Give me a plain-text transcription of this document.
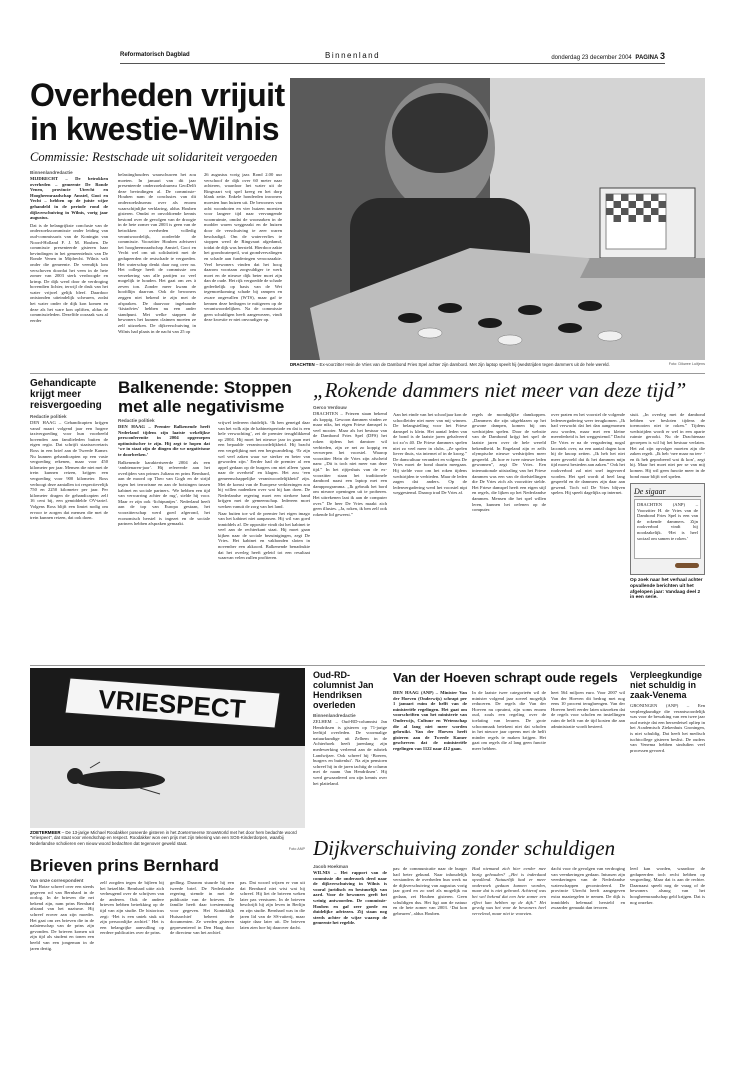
Reformatorisch Dagblad	Binnenland	donderdag 23 december 2004 PAGINA 3
Overheden vrijuit
in kwestie-Wilnis
Commissie: Restschade uit solidariteit vergoeden
Binnenlandredactie
MIJDRECHT – De betrokken overheden – gemeente De Ronde Venen, provincie Utrecht en Hoogheemraadschap Amstel, Gooi en Vecht – hebben op de juiste wijze gehandeld in de periode rond de dijkverschuiving in Wilnis, vorig jaar augustus.
Dat is de belangrijkste conclusie van de onderzoekscommissie onder leiding van oud-commissaris van de Koningin van Noord-Holland F. J. M. Houben. De commissie presenteerde gisteren haar bevindingen in het gemeentehuis van De Ronde Venen in Mijdrecht. Wilnis valt onder die gemeente. De veendijk lom verschoven doordat het veen in de hete zomer van 2003 sterk verdroogde en krimp. De dijk werd door de verdroging bovendien lichter, terwijl de druk van het water vrijwel gelijk bleef. Daardoor ontstonden uiteindelijk scheuren, zodat het water onder de dijk kon komen en deze als het ware kon opliften, aldus de commissieleden. Dezelfde oorzaak was al eerder
belastinghouders waarschuwen het zou moeten. In januari van dit jaar presenteerde onderzoeksbureau GeoDelft deze bevindingen al. De commissie-Houben nam de conclusies van dit onderzoeksbureau over als enorm waarschijnlijke verklaring, aldus Houben gisteren. Omdat er onvoldoende kennis bestond over de gevolgen van de droogte in de hete zomer van 2003 is geen van de betrokken overheden volledig verantwoordelijk, oordeelde de commissie. Voorzitter Houben adviseert het hoogheemraadschap Amstel, Gooi en Vecht wel om uit solidariteit met de gedupeerden de restschade te vergoeden. Het waterschap denkt daar nog over na. Het college heeft de commissie om verzekering van alle partijen zo veel mogelijk te houden. Het gaat om zes à zeven ton. Zonder meer kwam de hoofdlijn daarvan. Ook de bewoners zeggen niet bekend te zijn met de afspraken. De daarvoor ingehuurde ‘kistadvies’ hebben nu een ander standpunt. Met welke stappen de bewoners het kunnen claimen moeten ze zelf uitzoeken. De dijkverschuiving in Wilnis had plaats in de nacht van 25 op
26 augustus vorig jaar. Rond 2.00 uur verschoof de dijk over 60 meter naar achteren, waardoor het water uit de Ringvaart vrij spel kreeg en het dorp blank zette. Enkele honderden inwoners moesten hun huizen uit. De bewoners van acht woonboten en vier huizen moesten voor langere tijd naar vervangende woonruimte, omdat de woonarken in de modder waren weggezakt en de huizen door de verschuiving te zeer waren beschadigd. Om de waterverlies te stoppen werd de Ringvaart afgedamd, totdat de dijk was hersteld. Hierdoor zakte het grondwaterpeil, wat grondvervalingen en schade aan funderingen veroorzaakte. Veel bewoners vinden dat het hoog daarom voortaan zorgvuldiger te werk moet en de nieuwe dijk beter moet zijn dan de oude. Het rijk vergoedde de schade gedeeltelijk op basis van de Wet tegemoetkoming schade bij rampen en zware ongevallen (WTS), maar gaf te kennen deze bedragen te mitigeren op de verantwoordelijken. Na de commissie geen schuldigen heeft aangewezen, vindt deze kwestie er niet onvoudiger op.
DRACHTEN – Ex-voorzitter Hein de Vries van de Dambond Fries Spel achter zijn dambord. Met zijn laptop speelt hij (wedstrijden tegen dammers uit de hele wereld.	Foto: Dikwee Luitjens
Gehandicapte krijgt meer reisvergoeding
Redactie politiek
DEN HAAG – Gehandicapten krijgen vanaf maart volgend jaar een hogere taxivergoeding voor hun voorbeeld bovenden aan familieleden buiten de eigen regio. Dat schrijft staatssecretaris Ross in een brief aan de Tweede Kamer. Nu kunnen gehandicapten op een vaste vergoeding rekenen, maar voor 450 kilometer per jaar. Mensen die niet met de trein kunnen reizen, krijgen een vergoeding voor 900 kilometer. Ross verhoogt deze aantallen tot respectievelijk 750 en 2250 kilometer per jaar. Per kilometer dragen de gehandicapten zelf 16 cent bij, een gemiddelde OV-tarief. Volgens Ross blijft een limiet nodig om ervoor te zorgen dat mensen die met de trein kunnen reizen, dat ook doen.
Balkenende: Stoppen
met alle negativisme
Redactie politiek
DEN HAAG – Premier Balkenende heeft Nederland tijdens zijn laatste wekelijkse persconferentie in 2004 opgeroepen optimistischer te zijn. Hij zegt te hopen dat ‘we in staat zijn de dingen die we negativisme te doorbreken.’
Balkenende karakteriseerde 2004 als een ‘ambtenaren-jaar’. Hij refereerde aan het overlijden van prinses Juliana en prins Bernhard, aan de moord op Theo van Gogh en de strijd tegen het terrorisme en aan de botsingen tussen kabinet en sociale partners. ‘We hebben een tijd van verwarring achter de rug’, stelde hij voor. Maar er zijn ook ‘lichtpuntjes’. Nederland heeft aan de top van Europa gestaan, het voorzitterschap werd goed afgerond, het economisch herstel is ingezet en de sociale partners hebben afspraken gemaakt.
vrijwel iedereen duidelijk. ‘Ik ben geneigd daar van het volk zijn de kabinetsperiode en dat is een hele verwachting’, zei de premier terugblikkend op 2004. Hij moet het nieuwe jaar in gaan met een bepaalde verantwoordelijkheid. Hij bracht een vergelijking met een bergwandeling. ‘Er zijn wel veel zaken waar we sterker en beter van geworden zijn.’ Eerder had de premier al een appel gedaan op de burgers om niet alleen ‘gaan naar de overheid’ en klagen. Het zou ‘een gemeenschappelijke verantwoordelijkheid’ zijn. Met de komst van de Europese verkiezingen zou hij willen nadenken over wat hij kan doen. De Nederlandse regering moet een sterkere band krijgen met de gemeenschap. Iedereen moet werken vanuit de zorg van het land.
Naar buiten toe wil de premier het eigen imago van het kabinet niet aanpassen. Hij wil van goed inmiddels af. De oppositie vindt dat het kabinet te veel aan de rechterkant staat. Hij moet gaan kijken naar de sociale bezuinigingen, zegt De Vries. Het kabinet en vakbonden sloten in november een akkoord. Balkenende benadrukte dat het overleg heeft geleid tot een resultaat waarvan velen zullen profiteren.
„Rokende dammers niet meer van deze tijd”
Gerco Verdouw
DRACHTEN – Friezen staan bekend als koppig. Gewoon dammen vinden ze maar niks, het eigen Friese damspel is veel mooier. Maar als het bestuur van de Dambond Fries Spel (DFS) het roken tijdens het damtoer wil verbieden, zijn ze net zo koppig en verwerpen het voorstel. Waarop voorzitter Hein de Vries zijn afscheid nam: „Dit is toch niet meer van deze tijd.” In het rijtjeshuis van de ex-voorzitter staan het traditionele dambord naast een laptop met een dampprogramma. „Ik gebruik het bord om nieuwe openingen uit te proberen. Het uitrekenen laat ik aan de computer over.” De heer De Vries maakt zich geen illusies. „Ja, roken, ik ben zelf ook rokende lid geweest.”
Aan het einde van het schooljaar kon de schoolleider niet meer van mij winnen. De belangstelling voor het Friese damspel is klein. Het aantal leden van de bond is de laatste jaren gehalveerd tot zo’n 40. De Friese dammers spelen niet zo veel meer in clubs. „Ze spelen liever thuis, via internet of in de kroeg.” De damcultuur verandert en volgens De Vries moet de bond daarin meegaan. Hij stelde voor om het roken tijdens wedstrijden te verbieden. Maar de leden zagen dat anders. Op de ledenvergadering werd het voorstel nipt weggestemd. Daarop trad De Vries af.
regels de mondiglijke damkoppen. „Dammers die zijn uitgeblazen op het gewone dampen, komen bij ons wedstrijden spelen. Door de website van de Dambond krijgt het spel de laatste jaren over de hele wereld bekendheid. In Engeland zijn er zelfs olympische nieuwe wedstrijden meer gespeeld. „Ik hoe er twee nieuwe leden gewonnen”, zegt De Vries. Een internationale uitstraling van het Friese dammen was een van de doelstellingen die De Vries zich als voorzitter stelde. Het Friese damspel heeft een eigen stijl en regels, die lijken op het Nederlandse dammen. Mensen die het spel willen leren, kunnen het oefenen op de computer.
over praten en het voorstel de volgende ledenvergadering weer terugkomen. „Ik had verwacht dat het dan aangenomen zou worden, maar met een kleine meerderheid is het weggestemd.” Dacht De Vries er na de vergadering nogal laconiek over, na een aantal dagen kon hij de knoop zetten. „Ik heb het niet meer gevoeld dat ik het dammen mijn tijd moest besteden aan zaken.” Ook het rookverbod zal niet snel ingevoerd worden. Het spel wordt al heel lang gespeeld en de dammers zijn daar aan gewend. Toch wil De Vries blijven spelen. Hij speelt dagelijks op internet.
stuit. „In overleg met de dambond hebben we besloten tijdens de toernooien niet te roken.” Tijdens wedstrijden wordt er wel in een aparte ruimte gerookt. Nu de Drachtenaar geroepen is wil hij het bestuur verlaten. Het zal zijn opvolger moeten zijn die zaken regelt. „Ik heb ‘nee maar na ten- ‘ en ik heb geprobeerd wat ik kon’, zegt hij. Maar het moet niet per se van mij komen. Hij wil geen functie meer in de bond maar blijft wel spelen.
De sigaar
DRACHTEN (ANP) – Voorzitter H. de Vries van de Dambond Fries Spel is een van de rokende dammers. Zijn rookverbod vindt hij noodzakelijk. ‘Het is heel sociaal om samen te roken.’
Op zoek naar het verhaal achter opvallende berichten uit het afgelopen jaar: Vandaag deel 2 in een serie.
VRIESPECT
ZOETERMEER – De 13-jarige Michael Roodakker poseerde gisteren in het Zoetermeerse SnowWorld met het door hem bedachte woord "Vriespeet", dat staat voor vriendschap en respect. Roodakker won een prijs met zijn tekening van een SOS-Kinderdorpen, waarbij Nederlandse scholieren een nieuw woord bedachten dat tegenover geweld staat.
Foto ANP
Oud-RD-columnist Jan Hendriksen overleden
Binnenlandredactie
ZELHEM – Oud-RD-columnist Jan Hendriksen is gisteren op 71-jarige leeftijd overleden. De voormalige natuurkundige uit Zelhem in de Achterhoek heeft jarenlang zijn medewerking verleend aan de rubriek Landwijzer. Ook schreef hij ‘Boeren, burgers en buitenlui’. Na zijn pensioen schreef hij in de jaren tachtig de column met de naam ‘Jan Hendriksen’. Hij werd gewaardeerd om zijn kennis over het platteland.
Van der Hoeven schrapt oude regels
DEN HAAG (ANP) – Minister Van der Hoeven (Onderwijs) schrapt per 1 januari ruim de helft van de ministeriële regelingen. Het gaat om voorschriften van het ministerie van Onderwijs, Cultuur en Wetenschap die al lang niet meer worden gebruikt. Van der Hoeven heeft gisteren aan de Tweede Kamer geschreven dat de ministeriële regelingen van 1122 naar 412 gaan.
In de laatste twee categorieën wil de minister volgend jaar zoveel mogelijk reduceren. De regels die Van der Hoeven nu opruimt, zijn soms enorm oud, zoals een regeling over de toelating van leraren. De grote schoonmaak betekent niet dat scholen in het nieuwe jaar opeens met de helft minder regels te maken krijgen. Het gaat om regels die al lang geen functie meer hebben.
heet 564 miljoen euro. Voor 2007 wil Van der Hoeven dit bedrag met nog eens 10 procent terugbrengen. Van der Hoeven heeft eerder laten uitzoeken dat de regels voor scholen en instellingen ruim de helft van de tijd kosten die aan administratie wordt besteed.
Verpleegkundige niet schuldig in zaak-Venema
GRONINGEN (ANP) – Een verpleegkundige die verantwoordelijk was voor de bewaking van een twee jaar oud meisje dat een hersenletsel opliep in het Academisch Ziekenhuis Groningen, is niet schuldig. Dat heeft het medisch tuchtcollege gisteren beslist. De ouders van Venema hebben sindsdien veel processen gevoerd.
Dijkverschuiving zonder schuldigen
Jacob Hoekman
WILNIS – Het rapport van de commissie die onderzoek deed naar de dijkverschuiving in Wilnis is vooral juridisch en bestuurlijk van aard. Voor de bewoners geeft het weinig antwoorden. De commissie-Houben en gaf zeer goede en duidelijke adviezen. Zij staan nog steeds achter de wijze waarop de gemeente het regelde.
pas: de communicatie naar de burger had beter gekund. Naar inhoudelijk verstanders de overheden hun werk na de dijkverschuiving van augustus vorig jaar goed en zo snel als mogelijk nu gedaan, zei Houben gisteren. Geen schuldigen dus. Het ligt aan de natuur en de hete zomer van 2003. ‘Dat kon gebeuren’, aldus Houben.
Had niemand zich hier eerder mee bezig gehouden? „Het is inderdaad opvallend. Natuurlijk had er meer onderzoek gedaan kunnen worden, maar dat is niet gebeurd. Achteraf was het wel bekend dat een hete zomer een effect kan hebben op de dijk.” Het gevolg was het voor de bewoners heel vervelend, maar niet te voorzien.
dacht voor de gevolgen van verdroging van veenkeringen gedaan. Intussen zijn veenkeringen van de Nederlandse waterschappen gecontroleerd. De provincie Utrecht heeft aangegeven extra maatregelen te nemen. De dijk is inmiddels helemaal hersteld en zwaarder gemaakt dan tevoren.
leed kan worden, waardoor de gedupeerden toch recht hebben op vergoeding. Maar dat is aan de rechter. Daarnaast speelt nog de vraag of de bewoners alsnog van het hoogheemraadschap geld krijgen. Dat is nog onzeker.
Brieven prins Bernhard
Van onze correspondent
Van Hotze schreef over een steeds gegeven rol van Bernhard in de oorlog. In de brieven die net bekend zijn, nam prins Bernhard afstand van het nazisme. Hij schreef erover aan zijn moeder. Het gaat om zes brieven die in de nalatenschap van de prins zijn gevonden. De brieven komen uit zijn tijd als student en tonen een beeld van een jongeman in de jaren dertig.
zelf zorgden tegen de bijleen bij het hetzelfde. Bernhard uitte zich verheugend over de schrijven van de anderen. Ook de andere brieven hebben betrekking op de tijd van zijn studie. De historicus zegt: ‘Het is een uniek stuk uit zijn persoonlijke archief.’ Het is een belangrijke aanvulling op eerdere publicaties over de prins.
gedling. Daarom stuurde hij een tweede brief. De Nederlandse regering stemde in met de publicatie van de brieven. De familie heeft daar toestemming voor gegeven. Het Koninklijk Huisarchief beheert de documenten. Ze werden gisteren gepresenteerd in Den Haag door de directeur van het archief.
pas. Dat woord wijzen er van uit dat Bernhard niet wist wat hij schreef. Hij liet de brieven weken later pas versturen. In de brieven beschrijft hij zijn leven in Berlijn en zijn studie. Bernhard was in die jaren lid van de SS-ruiterij, maar stapte daar later uit. De brieven laten zien hoe hij daarover dacht.
